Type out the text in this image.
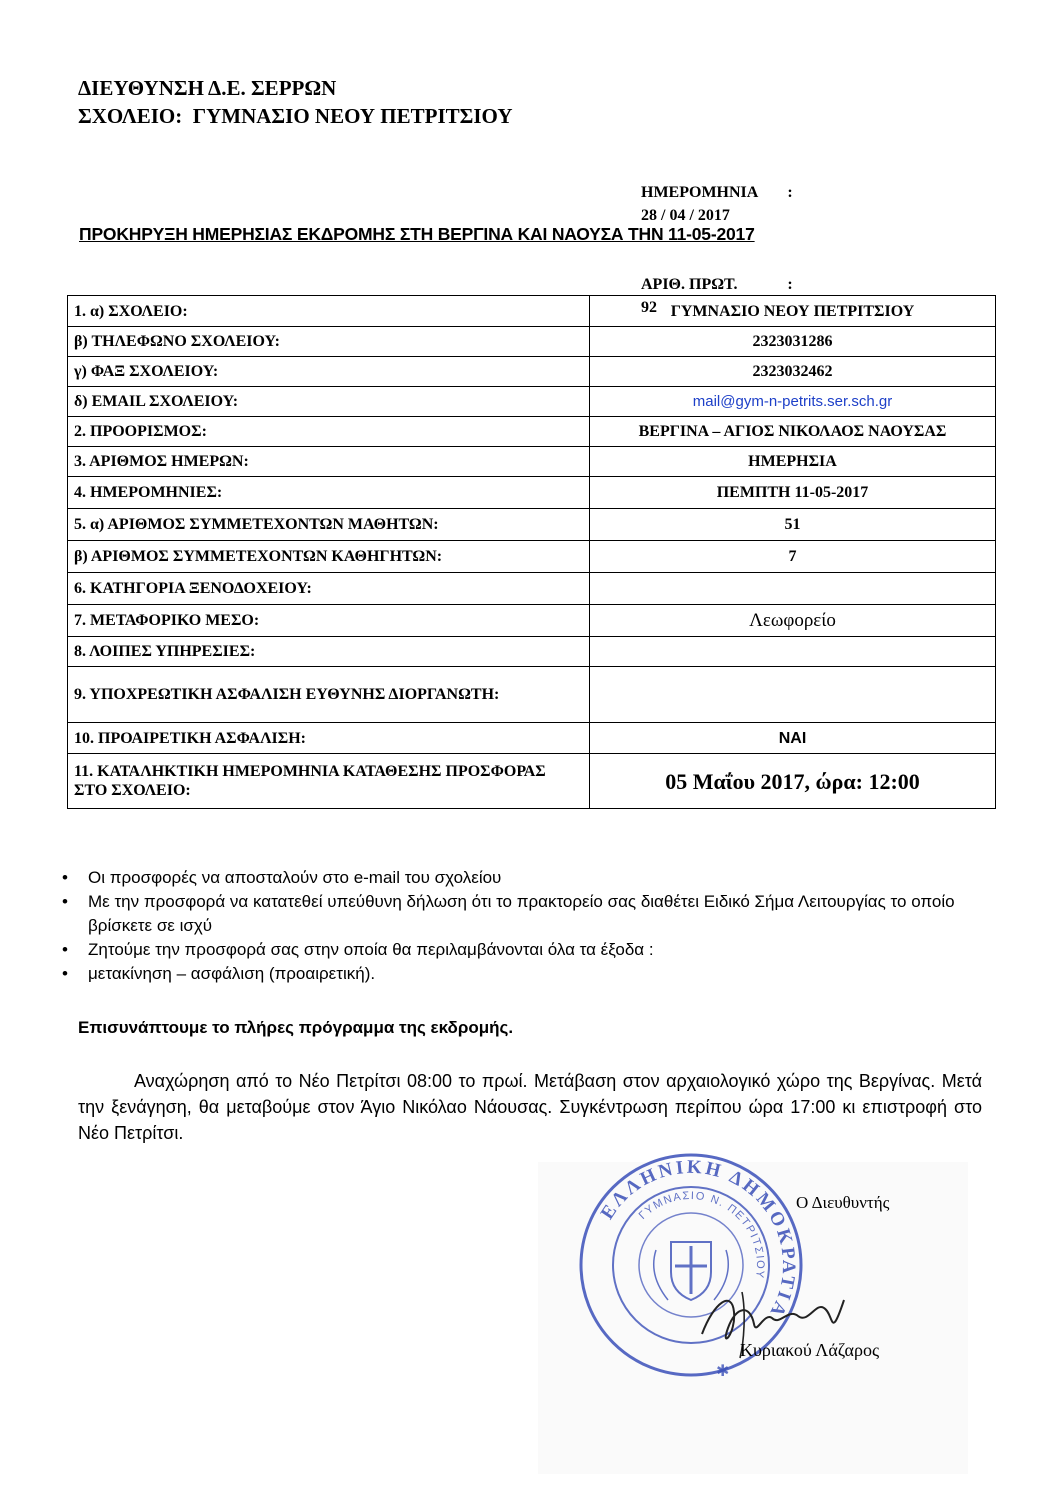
ΔΙΕΥΘΥΝΣΗ Δ.Ε. ΣΕΡΡΩΝ
ΣΧΟΛΕΙΟ:  ΓΥΜΝΑΣΙΟ ΝΕΟΥ ΠΕΤΡΙΤΣΙΟΥ

ΗΜΕΡΟΜΗΝΙΑ :
28 / 04 / 2017

ΑΡΙΘ. ΠΡΩΤ.	:
92

ΠΡΟΚΗΡΥΞΗ ΗΜΕΡΗΣΙΑΣ ΕΚΔΡΟΜΗΣ ΣΤΗ ΒΕΡΓΙΝΑ ΚΑΙ ΝΑΟΥΣΑ ΤΗΝ 11-05-2017
1. α) ΣΧΟΛΕΙΟ:	ΓΥΜΝΑΣΙΟ ΝΕΟΥ ΠΕΤΡΙΤΣΙΟΥ
β) ΤΗΛΕΦΩΝΟ ΣΧΟΛΕΙΟΥ:	2323031286
γ) ΦΑΞ ΣΧΟΛΕΙΟΥ:	2323032462
δ) EMAIL ΣΧΟΛΕΙΟΥ:	mail@gym-n-petrits.ser.sch.gr
2. ΠΡΟΟΡΙΣΜΟΣ:	ΒΕΡΓΙΝΑ – ΑΓΙΟΣ ΝΙΚΟΛΑΟΣ ΝΑΟΥΣΑΣ
3. ΑΡΙΘΜΟΣ ΗΜΕΡΩΝ:	ΗΜΕΡΗΣΙΑ
4. ΗΜΕΡΟΜΗΝΙΕΣ:	ΠΕΜΠΤΗ 11-05-2017
5. α) ΑΡΙΘΜΟΣ ΣΥΜΜΕΤΕΧΟΝΤΩΝ ΜΑΘΗΤΩΝ:	51
β) ΑΡΙΘΜΟΣ ΣΥΜΜΕΤΕΧΟΝΤΩΝ ΚΑΘΗΓΗΤΩΝ:	7
6. ΚΑΤΗΓΟΡΙΑ ΞΕΝΟΔΟΧΕΙΟΥ:	
7. ΜΕΤΑΦΟΡΙΚΟ ΜΕΣΟ:	Λεωφορείο
8. ΛΟΙΠΕΣ ΥΠΗΡΕΣΙΕΣ:	
9. ΥΠΟΧΡΕΩΤΙΚΗ ΑΣΦΑΛΙΣΗ ΕΥΘΥΝΗΣ ΔΙΟΡΓΑΝΩΤΗ:	
10. ΠΡΟΑΙΡΕΤΙΚΗ ΑΣΦΑΛΙΣΗ:	ΝΑΙ
11. ΚΑΤΑΛΗΚΤΙΚΗ ΗΜΕΡΟΜΗΝΙΑ ΚΑΤΑΘΕΣΗΣ ΠΡΟΣΦΟΡΑΣ ΣΤΟ ΣΧΟΛΕΙΟ:	05 Μαΐου 2017, ώρα: 12:00
• Οι προσφορές να αποσταλούν στο e-mail του σχολείου
• Με την προσφορά να κατατεθεί υπεύθυνη δήλωση ότι το πρακτορείο σας διαθέτει Ειδικό Σήμα Λειτουργίας το οποίο βρίσκετε σε ισχύ
• Ζητούμε την προσφορά σας στην οποία θα περιλαμβάνονται όλα τα έξοδα :
• μετακίνηση – ασφάλιση (προαιρετική).
Επισυνάπτουμε το πλήρες πρόγραμμα της εκδρομής.
Αναχώρηση από το Νέο Πετρίτσι 08:00 το πρωί. Μετάβαση στον αρχαιολογικό χώρο της Βεργίνας. Μετά την ξενάγηση, θα μεταβούμε στον Άγιο Νικόλαο Νάουσας. Συγκέντρωση περίπου ώρα 17:00 κι επιστροφή στο Νέο Πετρίτσι.
ΕΛΛΗΝΙΚΗ ΔΗΜΟΚΡΑΤΙΑ
ΓΥΜΝΑΣΙΟ Ν. ΠΕΤΡΙΤΣΙΟΥ
✱
Ο Διευθυντής
Κυριακού Λάζαρος
